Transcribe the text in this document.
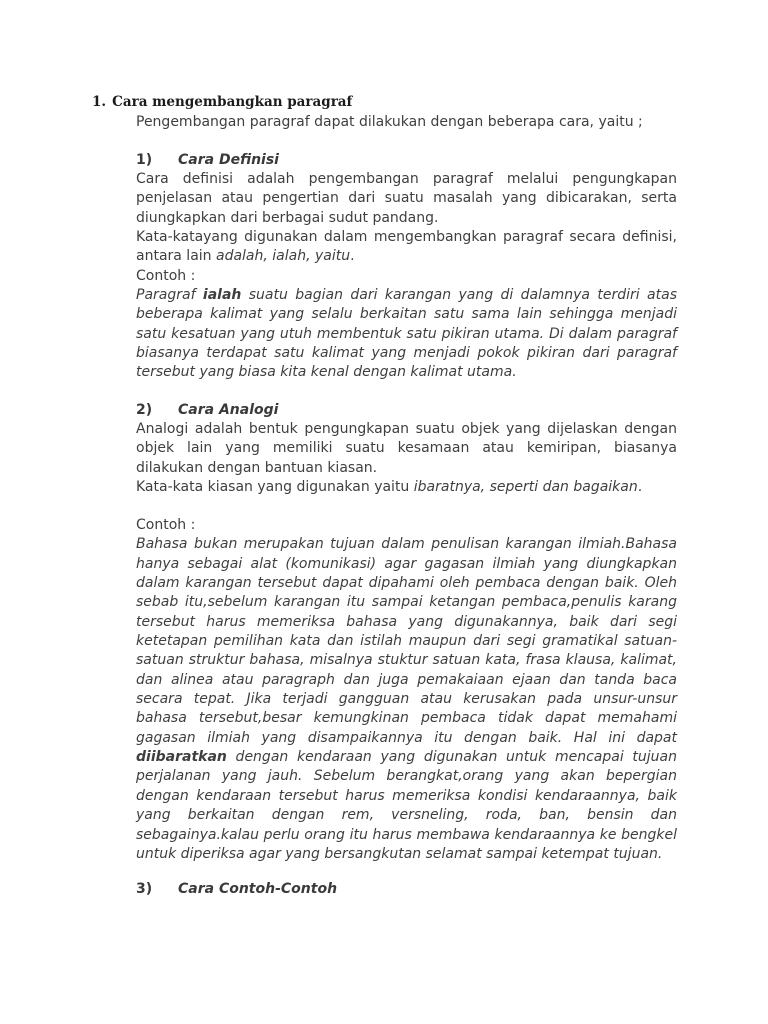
1. Cara mengembangkan paragraf
Pengembangan paragraf dapat dilakukan dengan beberapa cara, yaitu ;
1) Cara Definisi

Cara definisi adalah pengembangan paragraf melalui pengungkapan penjelasan atau pengertian dari suatu masalah yang dibicarakan, serta diungkapkan dari berbagai sudut pandang.

Kata-katayang digunakan dalam mengembangkan paragraf secara definisi, antara lain adalah, ialah, yaitu.

Contoh :

Paragraf ialah suatu bagian dari karangan yang di dalamnya terdiri atas beberapa kalimat yang selalu berkaitan satu sama lain sehingga menjadi satu kesatuan yang utuh membentuk satu pikiran utama. Di dalam paragraf biasanya terdapat satu kalimat yang menjadi pokok pikiran dari paragraf tersebut yang biasa kita kenal dengan kalimat utama.

2) Cara Analogi

Analogi adalah bentuk pengungkapan suatu objek yang dijelaskan dengan objek lain yang memiliki suatu kesamaan atau kemiripan, biasanya dilakukan dengan bantuan kiasan.

Kata-kata kiasan yang digunakan yaitu ibaratnya, seperti dan bagaikan.

Contoh :

Bahasa bukan merupakan tujuan dalam penulisan karangan ilmiah.Bahasa hanya sebagai alat (komunikasi) agar gagasan ilmiah yang diungkapkan dalam karangan tersebut dapat dipahami oleh pembaca dengan baik. Oleh sebab itu,sebelum karangan itu sampai ketangan pembaca,penulis karang tersebut harus memeriksa bahasa yang digunakannya, baik dari segi ketetapan pemilihan kata dan istilah maupun dari segi gramatikal satuan-satuan struktur bahasa, misalnya stuktur satuan kata, frasa klausa, kalimat, dan alinea atau paragraph dan juga pemakaiaan ejaan dan tanda baca secara tepat. Jika terjadi gangguan atau kerusakan pada unsur-unsur bahasa tersebut,besar kemungkinan pembaca tidak dapat memahami gagasan ilmiah yang disampaikannya itu dengan baik. Hal ini dapat diibaratkan dengan kendaraan yang digunakan untuk mencapai tujuan perjalanan yang jauh. Sebelum berangkat,orang yang akan bepergian dengan kendaraan tersebut harus memeriksa kondisi kendaraannya, baik yang berkaitan dengan rem, versneling, roda, ban, bensin dan sebagainya.kalau perlu orang itu harus membawa kendaraannya ke bengkel untuk diperiksa agar yang bersangkutan selamat sampai ketempat tujuan.

3) Cara Contoh-Contoh
